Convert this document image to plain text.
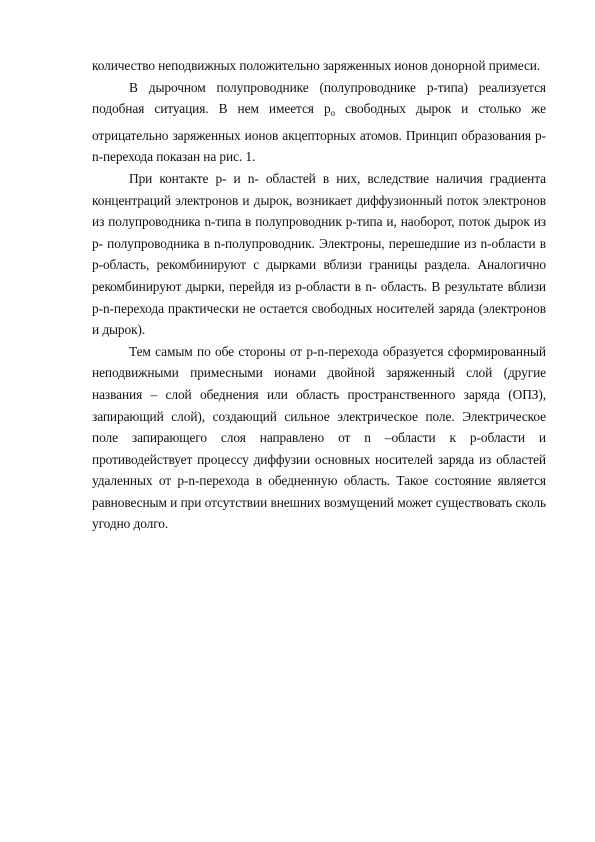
количество неподвижных положительно заряженных ионов донорной примеси.

В дырочном полупроводнике (полупроводнике р-типа) реализуется подобная ситуация. В нем имеется $р_о$ свободных дырок и столько же отрицательно заряженных ионов акцепторных атомов. Принцип образования р-n-перехода показан на рис. 1.

При контакте р- и n- областей в них, вследствие наличия градиента концентраций электронов и дырок, возникает диффузионный поток электронов из полупроводника n-типа в полупроводник р-типа и, наоборот, поток дырок из р- полупроводника в n-полупроводник. Электроны, перешедшие из n-области в р-область, рекомбинируют с дырками вблизи границы раздела. Аналогично рекомбинируют дырки, перейдя из р-области в n- область. В результате вблизи р-n-перехода практически не остается свободных носителей заряда (электронов и дырок).

Тем самым по обе стороны от р-n-перехода образуется сформированный неподвижными примесными ионами двойной заряженный слой (другие названия – слой обеднения или область пространственного заряда (ОПЗ), запирающий слой), создающий сильное электрическое поле. Электрическое поле запирающего слоя направлено от n –области к р-области и противодействует процессу диффузии основных носителей заряда из областей удаленных от р-n-перехода в обедненную область. Такое состояние является равновесным и при отсутствии внешних возмущений может существовать сколь угодно долго.
